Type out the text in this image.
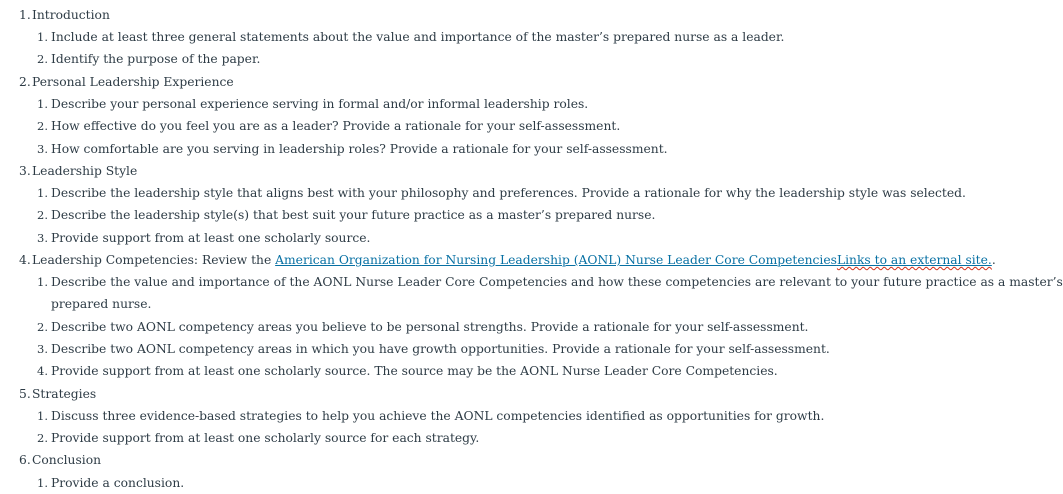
1.Introduction
1. Include at least three general statements about the value and importance of the master’s prepared nurse as a leader.
2. Identify the purpose of the paper.
2.Personal Leadership Experience
1. Describe your personal experience serving in formal and/or informal leadership roles.
2. How effective do you feel you are as a leader? Provide a rationale for your self-assessment.
3. How comfortable are you serving in leadership roles? Provide a rationale for your self-assessment.
3.Leadership Style
1. Describe the leadership style that aligns best with your philosophy and preferences. Provide a rationale for why the leadership style was selected.
2. Describe the leadership style(s) that best suit your future practice as a master’s prepared nurse.
3. Provide support from at least one scholarly source.
4.Leadership Competencies: Review the American Organization for Nursing Leadership (AONL) Nurse Leader Core CompetenciesLinks to an external site..
1. Describe the value and importance of the AONL Nurse Leader Core Competencies and how these competencies are relevant to your future practice as a master’s
prepared nurse.
2. Describe two AONL competency areas you believe to be personal strengths. Provide a rationale for your self-assessment.
3. Describe two AONL competency areas in which you have growth opportunities. Provide a rationale for your self-assessment.
4. Provide support from at least one scholarly source. The source may be the AONL Nurse Leader Core Competencies.
5.Strategies
1. Discuss three evidence-based strategies to help you achieve the AONL competencies identified as opportunities for growth.
2. Provide support from at least one scholarly source for each strategy.
6.Conclusion
1. Provide a conclusion.
